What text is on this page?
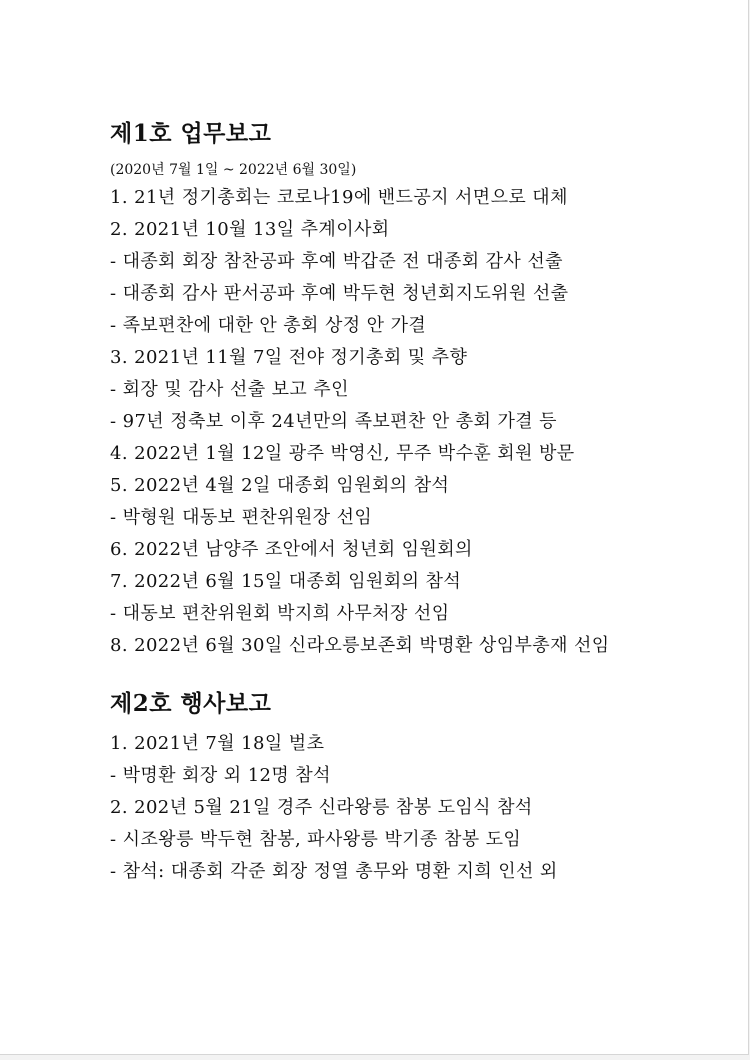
제1호 업무보고
(2020년 7월 1일 ~ 2022년 6월 30일)
1. 21년 정기총회는 코로나19에 밴드공지 서면으로 대체
2. 2021년 10월 13일 추계이사회
- 대종회 회장 참찬공파 후예 박갑준 전 대종회 감사 선출
- 대종회 감사 판서공파 후예 박두현 청년회지도위원 선출
- 족보편찬에 대한 안 총회 상정 안 가결
3. 2021년 11월 7일 전야 정기총회 및 추향
- 회장 및 감사 선출 보고 추인
- 97년 정축보 이후 24년만의 족보편찬 안 총회 가결 등
4. 2022년 1월 12일 광주 박영신, 무주 박수훈 회원 방문
5. 2022년 4월 2일 대종회 임원회의 참석
- 박형원 대동보 편찬위원장 선임
6. 2022년 남양주 조안에서 청년회 임원회의
7. 2022년 6월 15일 대종회 임원회의 참석
- 대동보 편찬위원회 박지희 사무처장 선임
8. 2022년 6월 30일 신라오릉보존회 박명환 상임부총재 선임
제2호 행사보고
1. 2021년 7월 18일 벌초
- 박명환 회장 외 12명 참석
2. 202년 5월 21일 경주 신라왕릉 참봉 도임식 참석
- 시조왕릉 박두현 참봉, 파사왕릉 박기종 참봉 도임
- 참석: 대종회 각준 회장 정열 총무와 명환 지희 인선 외
